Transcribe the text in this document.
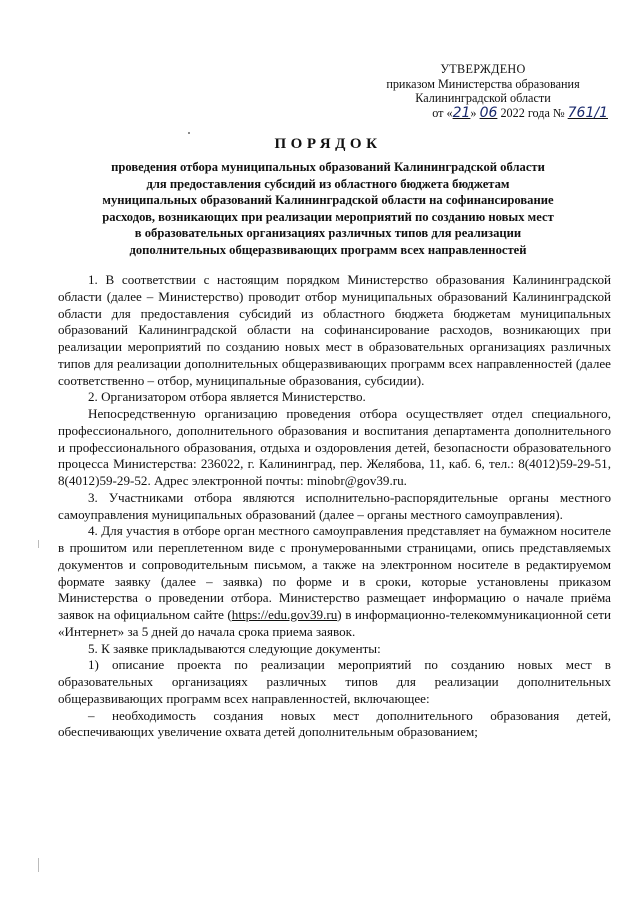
УТВЕРЖДЕНО
приказом Министерства образования
Калининградской области
от «21» 06 2022 года № 761/1
ПОРЯДОК
проведения отбора муниципальных образований Калининградской области
для предоставления субсидий из областного бюджета бюджетам
муниципальных образований Калининградской области на софинансирование
расходов, возникающих при реализации мероприятий по созданию новых мест
в образовательных организациях различных типов для реализации
дополнительных общеразвивающих программ всех направленностей

1. В соответствии с настоящим порядком Министерство образования Калининградской области (далее – Министерство) проводит отбор муниципальных образований Калининградской области для предоставления субсидий из областного бюджета бюджетам муниципальных образований Калининградской области на софинансирование расходов, возникающих при реализации мероприятий по созданию новых мест в образовательных организациях различных типов для реализации дополнительных общеразвивающих программ всех направленностей (далее соответственно – отбор, муниципальные образования, субсидии).

2. Организатором отбора является Министерство.

Непосредственную организацию проведения отбора осуществляет отдел специального, профессионального, дополнительного образования и воспитания департамента дополнительного и профессионального образования, отдыха и оздоровления детей, безопасности образовательного процесса Министерства: 236022, г. Калининград, пер. Желябова, 11, каб. 6, тел.: 8(4012)59-29-51, 8(4012)59-29-52. Адрес электронной почты: minobr@gov39.ru.

3. Участниками отбора являются исполнительно-распорядительные органы местного самоуправления муниципальных образований (далее – органы местного самоуправления).

4. Для участия в отборе орган местного самоуправления представляет на бумажном носителе в прошитом или переплетенном виде с пронумерованными страницами, опись представляемых документов и сопроводительным письмом, а также на электронном носителе в редактируемом формате заявку (далее – заявка) по форме и в сроки, которые установлены приказом Министерства о проведении отбора. Министерство размещает информацию о начале приёма заявок на официальном сайте (https://edu.gov39.ru) в информационно-телекоммуникационной сети «Интернет» за 5 дней до начала срока приема заявок.

5. К заявке прикладываются следующие документы:

1) описание проекта по реализации мероприятий по созданию новых мест в образовательных организациях различных типов для реализации дополнительных общеразвивающих программ всех направленностей, включающее:

– необходимость создания новых мест дополнительного образования детей, обеспечивающих увеличение охвата детей дополнительным образованием;
